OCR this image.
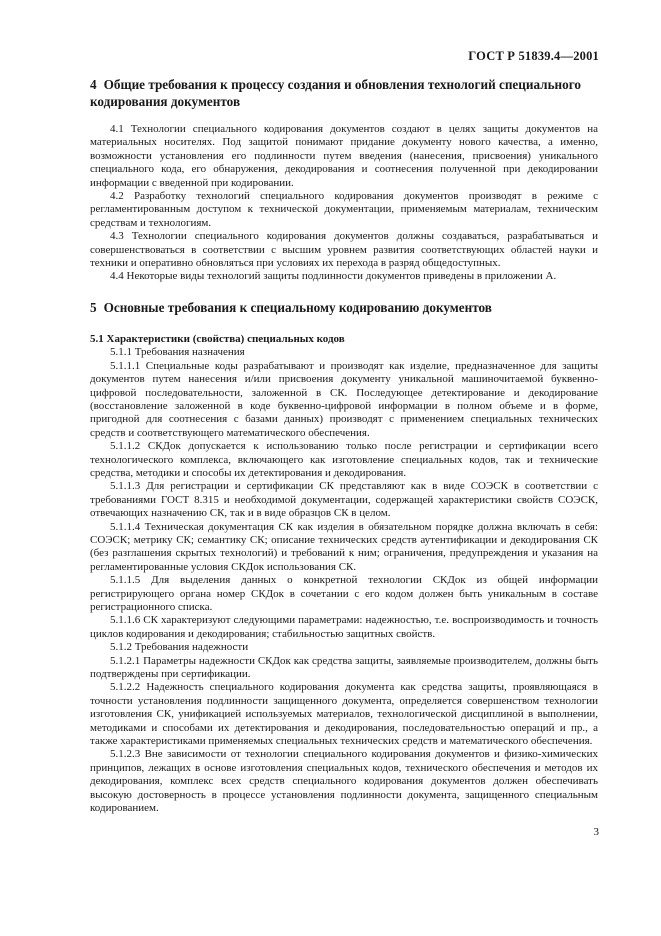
ГОСТ Р 51839.4—2001
4 Общие требования к процессу создания и обновления технологий специального кодирования документов

4.1 Технологии специального кодирования документов создают в целях защиты документов на материальных носителях. Под защитой понимают придание документу нового качества, а именно, возможности установления его подлинности путем введения (нанесения, присвоения) уникального специального кода, его обнаружения, декодирования и соотнесения полученной при декодировании информации с введенной при кодировании.

4.2 Разработку технологий специального кодирования документов производят в режиме с регламентированным доступом к технической документации, применяемым материалам, техническим средствам и технологиям.

4.3 Технологии специального кодирования документов должны создаваться, разрабатываться и совершенствоваться в соответствии с высшим уровнем развития соответствующих областей науки и техники и оперативно обновляться при условиях их перехода в разряд общедоступных.

4.4 Некоторые виды технологий защиты подлинности документов приведены в приложении А.

5 Основные требования к специальному кодированию документов
5.1 Характеристики (свойства) специальных кодов

5.1.1 Требования назначения

5.1.1.1 Специальные коды разрабатывают и производят как изделие, предназначенное для защиты документов путем нанесения и/или присвоения документу уникальной машиночитаемой буквенно-цифровой последовательности, заложенной в СК. Последующее детектирование и декодирование (восстановление заложенной в коде буквенно-цифровой информации в полном объеме и в форме, пригодной для соотнесения с базами данных) производят с применением специальных технических средств и соответствующего математического обеспечения.

5.1.1.2 СКДок допускается к использованию только после регистрации и сертификации всего технологического комплекса, включающего как изготовление специальных кодов, так и технические средства, методики и способы их детектирования и декодирования.

5.1.1.3 Для регистрации и сертификации СК представляют как в виде СОЭСК в соответствии с требованиями ГОСТ 8.315 и необходимой документации, содержащей характеристики свойств СОЭСК, отвечающих назначению СК, так и в виде образцов СК в целом.

5.1.1.4 Техническая документация СК как изделия в обязательном порядке должна включать в себя: СОЭСК; метрику СК; семантику СК; описание технических средств аутентификации и декодирования СК (без разглашения скрытых технологий) и требований к ним; ограничения, предупреждения и указания на регламентированные условия СКДок использования СК.

5.1.1.5 Для выделения данных о конкретной технологии СКДок из общей информации регистрирующего органа номер СКДок в сочетании с его кодом должен быть уникальным в составе регистрационного списка.

5.1.1.6 СК характеризуют следующими параметрами: надежностью, т.е. воспроизводимость и точность циклов кодирования и декодирования; стабильностью защитных свойств.

5.1.2 Требования надежности

5.1.2.1 Параметры надежности СКДок как средства защиты, заявляемые производителем, должны быть подтверждены при сертификации.

5.1.2.2 Надежность специального кодирования документа как средства защиты, проявляющаяся в точности установления подлинности защищенного документа, определяется совершенством технологии изготовления СК, унификацией используемых материалов, технологической дисциплиной в выполнении, методиками и способами их детектирования и декодирования, последовательностью операций и пр., а также характеристиками применяемых специальных технических средств и математического обеспечения.

5.1.2.3 Вне зависимости от технологии специального кодирования документов и физико-химических принципов, лежащих в основе изготовления специальных кодов, технического обеспечения и методов их декодирования, комплекс всех средств специального кодирования документов должен обеспечивать высокую достоверность в процессе установления подлинности документа, защищенного специальным кодированием.

3
